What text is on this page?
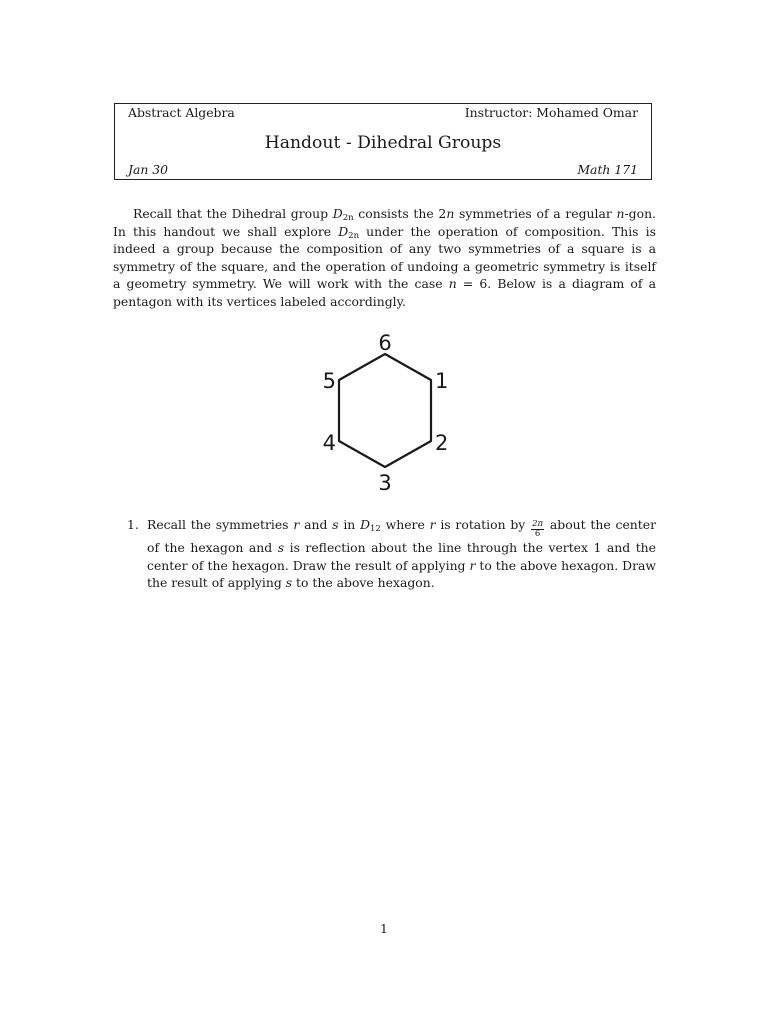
Abstract Algebra	Instructor: Mohamed Omar
Handout - Dihedral Groups
Jan 30	Math 171
Recall that the Dihedral group $D_{2n}$ consists the 2n symmetries of a regular n-gon. In this handout we shall explore $D_{2n}$ under the operation of composition. This is indeed a group because the composition of any two symmetries of a square is a symmetry of the square, and the operation of undoing a geometric symmetry is itself a geometry symmetry. We will work with the case n = 6. Below is a diagram of a pentagon with its vertices labeled accordingly.
6
1
2
3
4
5
1. Recall the symmetries r and s in $D_{12}$ where r is rotation by $\frac{2\pi}{6}$ about the center of the hexagon and s is reflection about the line through the vertex 1 and the center of the hexagon. Draw the result of applying r to the above hexagon. Draw the result of applying s to the above hexagon.
1
